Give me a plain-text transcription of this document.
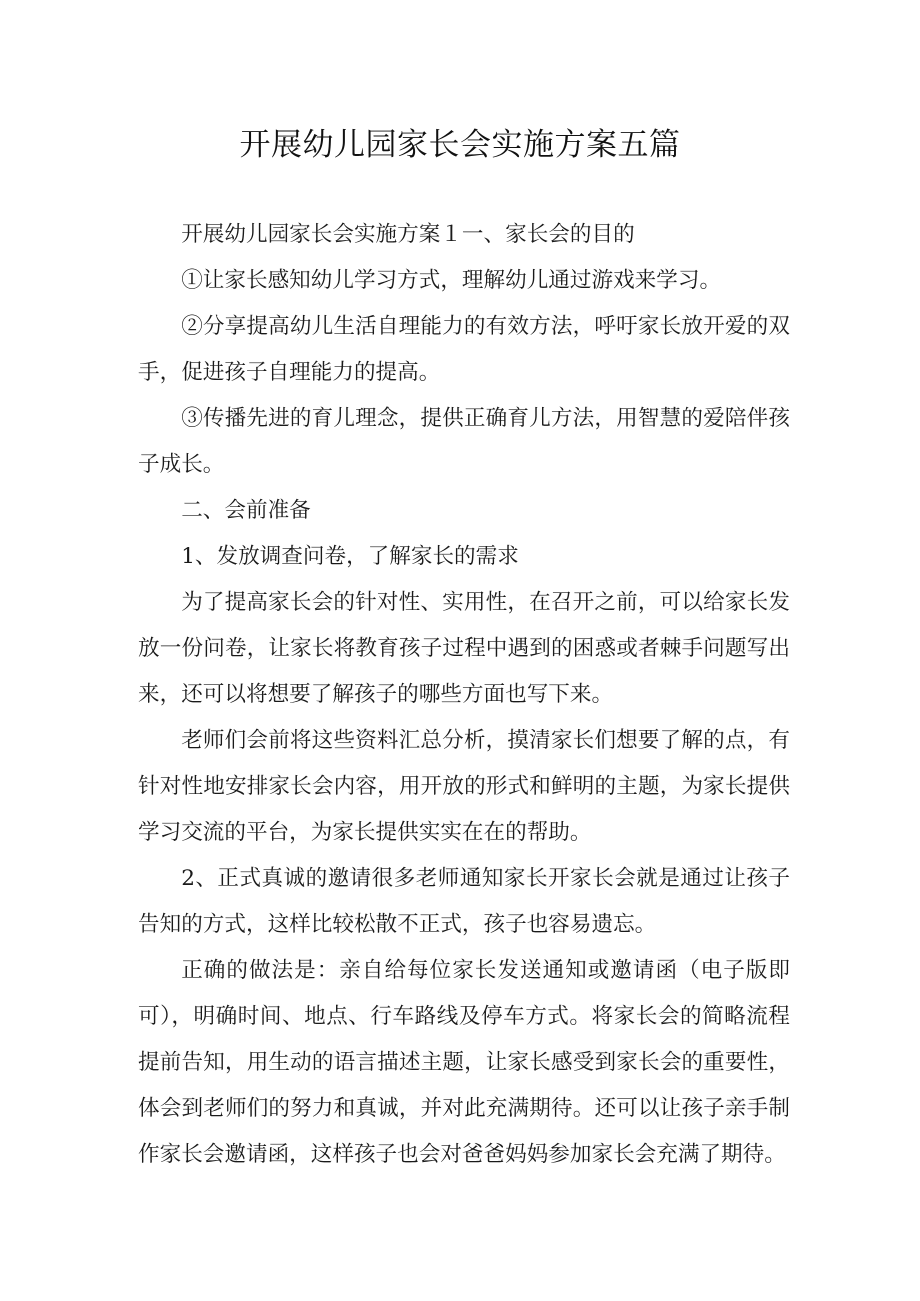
开展幼儿园家长会实施方案五篇

开展幼儿园家长会实施方案１一、家长会的目的

①让家长感知幼儿学习方式，理解幼儿通过游戏来学习。

②分享提高幼儿生活自理能力的有效方法，呼吁家长放开爱的双手，促进孩子自理能力的提高。

③传播先进的育儿理念，提供正确育儿方法，用智慧的爱陪伴孩子成长。

二、会前准备

1、发放调查问卷，了解家长的需求

为了提高家长会的针对性、实用性，在召开之前，可以给家长发放一份问卷，让家长将教育孩子过程中遇到的困惑或者棘手问题写出来，还可以将想要了解孩子的哪些方面也写下来。

老师们会前将这些资料汇总分析，摸清家长们想要了解的点，有针对性地安排家长会内容，用开放的形式和鲜明的主题，为家长提供学习交流的平台，为家长提供实实在在的帮助。

2、正式真诚的邀请很多老师通知家长开家长会就是通过让孩子告知的方式，这样比较松散不正式，孩子也容易遗忘。

正确的做法是：亲自给每位家长发送通知或邀请函（电子版即可），明确时间、地点、行车路线及停车方式。将家长会的简略流程提前告知，用生动的语言描述主题，让家长感受到家长会的重要性，体会到老师们的努力和真诚，并对此充满期待。还可以让孩子亲手制作家长会邀请函，这样孩子也会对爸爸妈妈参加家长会充满了期待。
